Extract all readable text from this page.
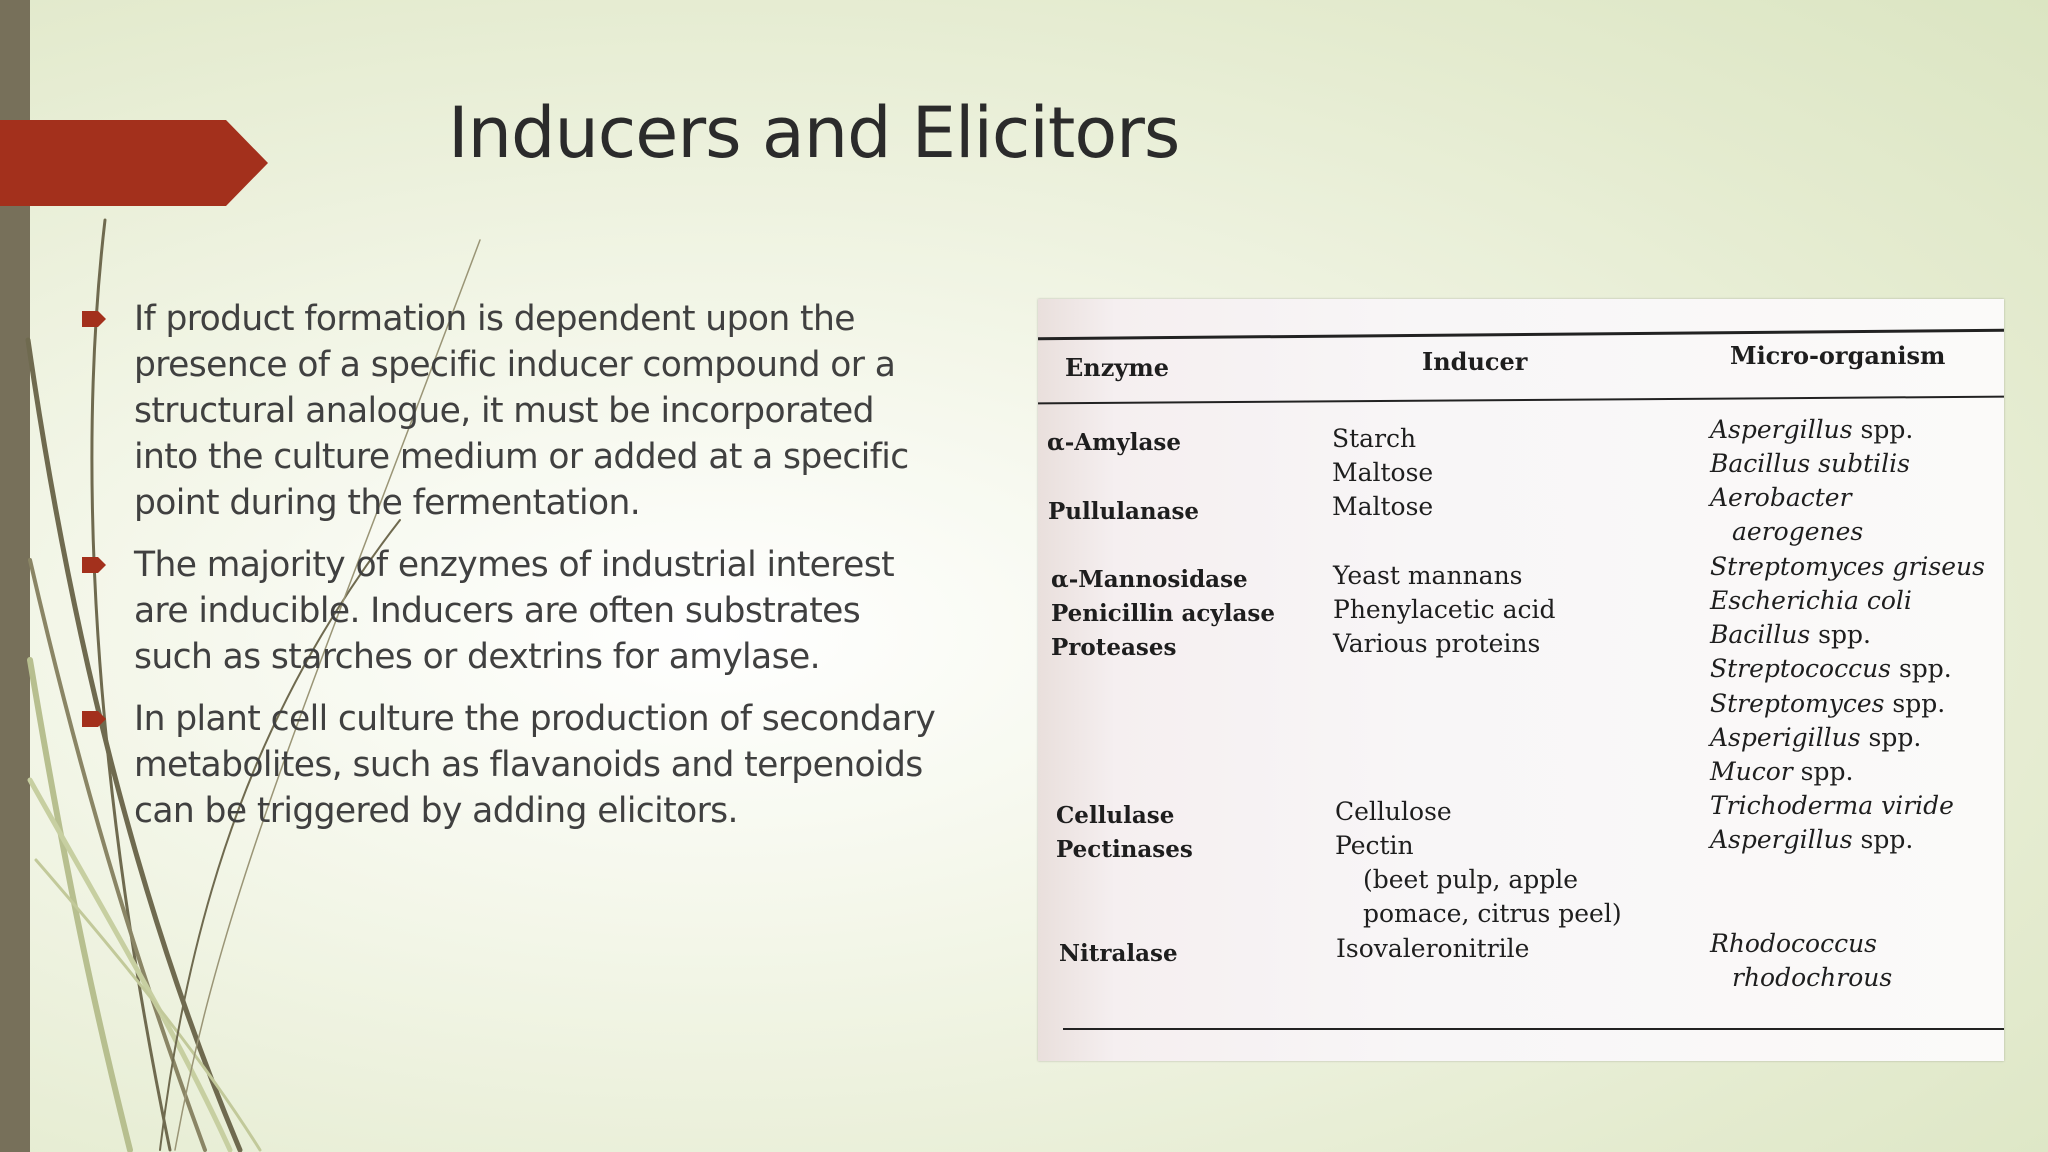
Inducers and Elicitors
If product formation is dependent upon the presence of a specific inducer compound or a structural analogue, it must be incorporated into the culture medium or added at a specific point during the fermentation.
The majority of enzymes of industrial interest are inducible. Inducers are often substrates such as starches or dextrins for amylase.
In plant cell culture the production of secondary metabolites, such as flavanoids and terpenoids can be triggered by adding elicitors.
Enzyme	Inducer	Micro-organism
α-Amylase
Pullulanase
α-Mannosidase
Penicillin acylase
Proteases
Cellulase
Pectinases
Nitralase
Starch
Maltose
Maltose
Yeast mannans
Phenylacetic acid
Various proteins
Cellulose
Pectin
(beet pulp, apple
pomace, citrus peel)
Isovaleronitrile
Aspergillus spp.
Bacillus subtilis
Aerobacter
aerogenes
Streptomyces griseus
Escherichia coli
Bacillus spp.
Streptococcus spp.
Streptomyces spp.
Asperigillus spp.
Mucor spp.
Trichoderma viride
Aspergillus spp.
Rhodococcus
rhodochrous
